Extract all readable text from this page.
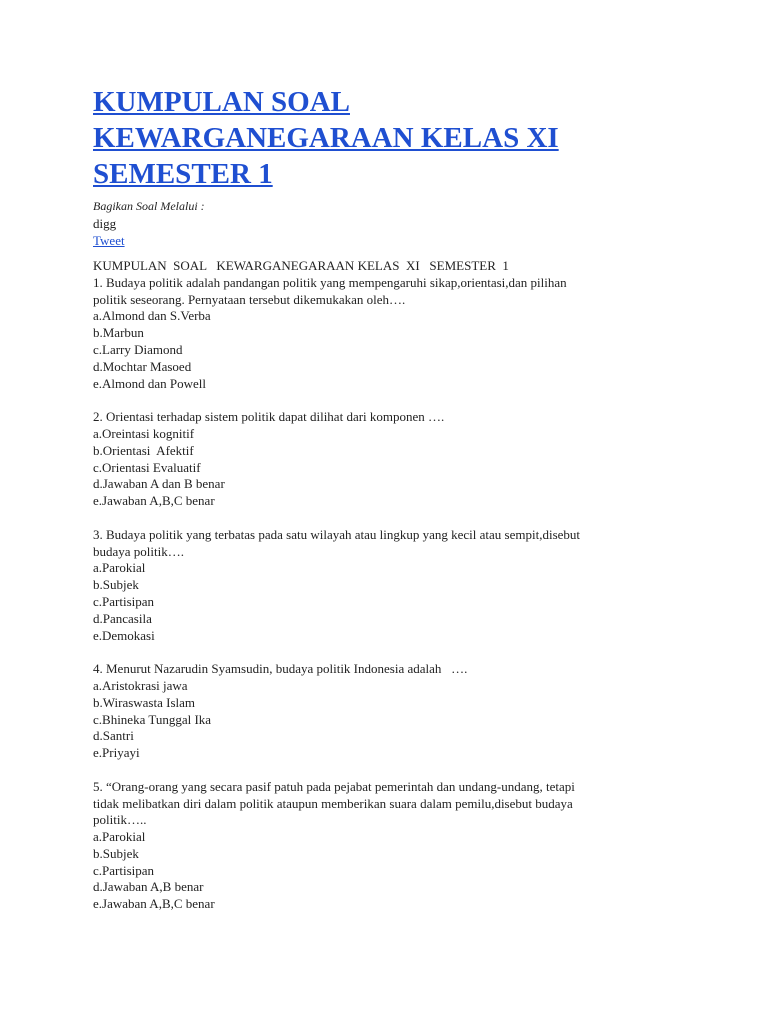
KUMPULAN SOAL
KEWARGANEGARAAN KELAS XI
SEMESTER 1
Bagikan Soal Melalui :
digg
Tweet
KUMPULAN  SOAL   KEWARGANEGARAAN KELAS  XI   SEMESTER  1
1. Budaya politik adalah pandangan politik yang mempengaruhi sikap,orientasi,dan pilihan
politik seseorang. Pernyataan tersebut dikemukakan oleh….
a.Almond dan S.Verba
b.Marbun
c.Larry Diamond
d.Mochtar Masoed
e.Almond dan Powell
2. Orientasi terhadap sistem politik dapat dilihat dari komponen ….
a.Oreintasi kognitif
b.Orientasi  Afektif
c.Orientasi Evaluatif
d.Jawaban A dan B benar
e.Jawaban A,B,C benar
3. Budaya politik yang terbatas pada satu wilayah atau lingkup yang kecil atau sempit,disebut
budaya politik….
a.Parokial
b.Subjek
c.Partisipan
d.Pancasila
e.Demokasi
4. Menurut Nazarudin Syamsudin, budaya politik Indonesia adalah   ….
a.Aristokrasi jawa
b.Wiraswasta Islam
c.Bhineka Tunggal Ika
d.Santri
e.Priyayi
5. “Orang-orang yang secara pasif patuh pada pejabat pemerintah dan undang-undang, tetapi
tidak melibatkan diri dalam politik ataupun memberikan suara dalam pemilu,disebut budaya
politik…..
a.Parokial
b.Subjek
c.Partisipan
d.Jawaban A,B benar
e.Jawaban A,B,C benar
